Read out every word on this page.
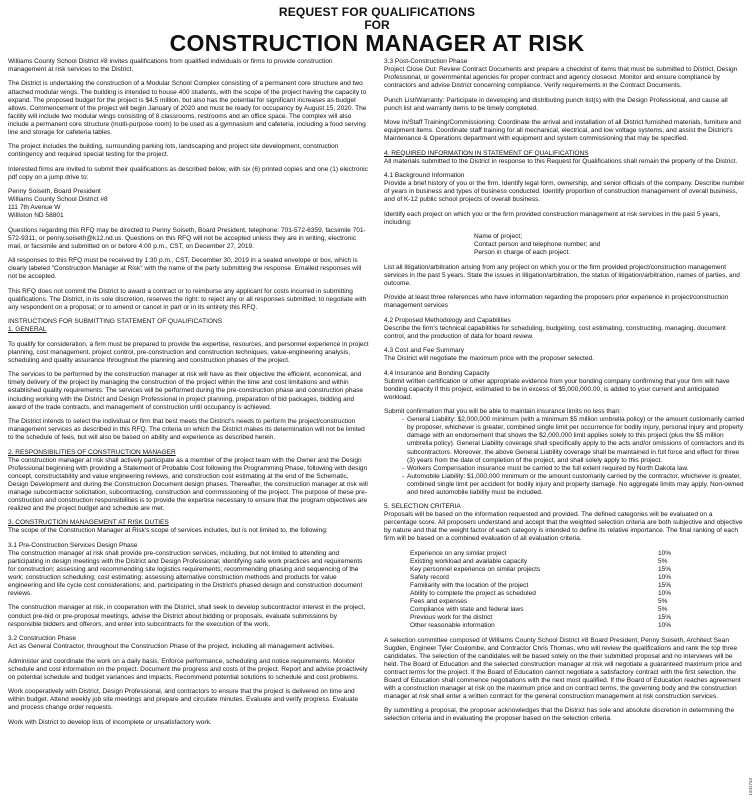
REQUEST FOR QUALIFICATIONS
FOR
CONSTRUCTION MANAGER AT RISK

Williams County School District #8 invites qualifications from qualified individuals or firms to provide construction management at risk services to the District.

The District is undertaking the construction of a Modular School Complex consisting of a permanent core structure and two attached modular wings. The building is intended to house 400 students, with the scope of the project having the capacity to expand. The proposed budget for the project is $4.5 million, but also has the potential for significant increases as budget allows. Commencement of the project will begin January of 2020 and must be ready for occupancy by August 15, 2020. The facility will include two modular wings consisting of 8 classrooms, restrooms and an office space. The complex will also include a permanent core structure (multi-purpose room) to be used as a gymnasium and cafeteria, including a food serving line and storage for cafeteria tables.

The project includes the building, surrounding parking lots, landscaping and project site development, construction contingency and required special testing for the project.

Interested firms are invited to submit their qualifications as described below, with six (6) printed copies and one (1) electronic pdf copy on a jump drive to:

Penny Soiseth, Board President
Williams County School District #8
111 7th Avenue W
Williston ND 58801

Questions regarding this RFQ may be directed to Penny Soiseth, Board President, telephone: 701-572-6359, facsimile 701-572-9311, or penny.soiseth@k12.nd.us. Questions on this RFQ will not be accepted unless they are in writing, electronic mail, or facsimile and submitted on or before 4:00 p.m., CST, on December 27, 2019.

All responses to this RFQ must be received by 1:30 p.m., CST, December 30, 2019 in a sealed envelope or box, which is clearly labeled "Construction Manager at Risk" with the name of the party submitting the response. Emailed responses will not be accepted.

This RFQ does not commit the District to award a contract or to reimburse any applicant for costs incurred in submitting qualifications. The District, in its sole discretion, reserves the right: to reject any or all responses submitted; to negotiate with any respondent on a proposal; or to amend or cancel in part or in its entirety this RFQ.

INSTRUCTIONS FOR SUBMITTING STATEMENT OF QUALIFICATIONS

1. GENERAL

To qualify for consideration, a firm must be prepared to provide the expertise, resources, and personnel experience in project planning, cost management, project control, pre-construction and construction techniques, value-engineering analysis, scheduling and quality assurance throughout the planning and construction phases of the project.

The services to be performed by the construction manager at risk will have as their objective the efficient, economical, and timely delivery of the project by managing the construction of the project within the time and cost limitations and within established quality requirements. The services will be performed during the pre-construction phase and construction phase including working with the District and Design Professional in project planning, preparation of bid packages, bidding and award of the trade contracts, and management of construction until occupancy is achieved.

The District intends to select the individual or firm that best meets the District's needs to perform the project/construction management services as described in this RFQ. The criteria on which the District makes its determination will not be limited to the schedule of fees, but will also be based on ability and experience as described herein.

2. RESPONSIBILITIES OF CONSTRUCTION MANAGER

The construction manager at risk shall actively participate as a member of the project team with the Owner and the Design Professional beginning with providing a Statement of Probable Cost following the Programming Phase, following with design concept, constructability and value engineering reviews, and construction cost estimating at the end of the Schematic, Design Development and during the Construction Document design phases. Thereafter, the construction manager at risk will manage subcontractor solicitation, subcontracting, construction and commissioning of the project. The purpose of these pre-construction and construction responsibilities is to provide the expertise necessary to ensure that the program objectives are realized and the project budget and schedule are met.

3. CONSTRUCTION MANAGEMENT AT RISK DUTIES

The scope of the Construction Manager at Risk's scope of services includes, but is not limited to, the following:

3.1 Pre-Construction Services Design Phase

The construction manager at risk shall provide pre-construction services, including, but not limited to attending and participating in design meetings with the District and Design Professional; identifying safe work practices and requirements for construction; assessing and recommending site logistics requirements; recommending phasing and sequencing of the work; construction scheduling; cost estimating; assessing alternative construction methods and products for value engineering and life cycle cost considerations; and, participating in the District's phased design and construction document reviews.

The construction manager at risk, in cooperation with the District, shall seek to develop subcontractor interest in the project, conduct pre-bid or pre-proposal meetings, advise the District about bidding or proposals, evaluate submissions by responsible bidders and offerors, and enter into subcontracts for the execution of the work.

3.2 Construction Phase

Act as General Contractor, throughout the Construction Phase of the project, including all management activities.

Administer and coordinate the work on a daily basis. Enforce performance, scheduling and notice requirements. Monitor schedule and cost information on the project. Document the progress and costs of the project. Report and advise proactively on potential schedule and budget variances and impacts. Recommend potential solutions to schedule and cost problems.

Work cooperatively with District, Design Professional, and contractors to ensure that the project is delivered on time and within budget. Attend weekly job site meetings and prepare and circulate minutes. Evaluate and verify progress. Evaluate and process change order requests.

Work with District to develop lists of incomplete or unsatisfactory work.

3.3 Post-Construction Phase

Project Close Out: Review Contract Documents and prepare a checklist of items that must be submitted to District, Design Professional, or governmental agencies for proper contract and agency closeout. Monitor and ensure compliance by contractors and advise District concerning compliance. Verify requirements in the Contract Documents.

Punch List/Warranty: Participate in developing and distributing punch list(s) with the Design Professional, and cause all punch list and warranty items to be timely completed.

Move In/Staff Training/Commissioning: Coordinate the arrival and installation of all District furnished materials, furniture and equipment items. Coordinate staff training for all mechanical, electrical, and low voltage systems, and assist the District's Maintenance & Operations department with equipment and system commissioning that may be specified.

4. REQUIRED INFORMATION IN STATEMENT OF QUALIFICATIONS

All materials submitted to the District in response to this Request for Qualifications shall remain the property of the District.

4.1 Background Information

Provide a brief history of you or the firm. Identify legal form, ownership, and senior officials of the company. Describe number of years in business and types of business conducted. Identify proportion of construction management of overall business, and of K-12 public school projects of overall business.

Identify each project on which you or the firm provided construction management at risk services in the past 5 years, including:

Name of project;
Contact person and telephone number; and
Person in charge of each project.

List all litigation/arbitration arising from any project on which you or the firm provided project/construction management services in the past 5 years. State the issues in litigation/arbitration, the status of litigation/arbitration, names of parties, and outcome.

Provide at least three references who have information regarding the proposers prior experience in project/construction management services

4.2 Proposed Methodology and Capabilities

Describe the firm's technical capabilities for scheduling, budgeting, cost estimating, constructing, managing, document control, and the production of data for board review.

4.3 Cost and Fee Summary

The District will negotiate the maximum price with the proposer selected.

4.4 Insurance and Bonding Capacity

Submit written certification or other appropriate evidence from your bonding company confirming that your firm will have bonding capacity if this project, estimated to be in excess of $5,000,000.00, is added to your current and anticipated workload.

Submit confirmation that you will be able to maintain insurance limits no less than:

- General Liability: $2,000,000 minimum (with a minimum $5 million umbrella policy) or the amount customarily carried by proposer, whichever is greater, combined single limit per occurrence for bodily injury, personal injury and property damage with an endorsement that shows the $2,000,000 limit applies solely to this project (plus the $5 million umbrella policy). General Liability coverage shall specifically apply to the acts and/or omissions of contractors and its subcontractors. Moreover, the above General Liability coverage shall be maintained in full force and effect for three (3) years from the date of completion of the project, and shall solely apply to this project.
- Workers Compensation insurance must be carried to the full extent required by North Dakota law.
- Automobile Liability: $1,000,000 minimum or the amount customarily carried by the contractor, whichever is greater, combined single limit per accident for bodily injury and property damage. No aggregate limits may apply. Non-owned and hired automobile liability must be included.

5. SELECTION CRITERIA

Proposals will be based on the information requested and provided. The defined categories will be evaluated on a percentage score. All proposers understand and accept that the weighted selection criteria are both subjective and objective by nature and that the weight factor of each category is intended to define its relative importance. The final ranking of each firm will be based on a combined evaluation of all evaluation criteria.

Experience on any similar project	10%
Existing workload and available capacity	5%
Key personnel experience on similar projects	15%
Safety record	10%
Familiarity with the location of the project	15%
Ability to complete the project as scheduled	10%
Fees and expenses	5%
Compliance with state and federal laws	5%
Previous work for the district	15%
Other reasonable information	10%

A selection committee composed of Williams County School District #8 Board President, Penny Soiseth, Architect Sean Sugden, Engineer Tyler Coulombe, and Contractor Chris Thomas, who will review the qualifications and rank the top three candidates. The selection of the candidates will be based solely on the their submitted proposal and no interviews will be held. The Board of Education and the selected construction manager at risk will negotiate a guaranteed maximum price and contract terms for the project. If the Board of Education cannot negotiate a satisfactory contract with the first selection, the Board of Education shall commence negotiations with the next most qualified. If the Board of Education reaches agreement with a construction manager at risk on the maximum price and on contract terms, the governing body and the construction manager at risk shall enter a written contract for the general construction management at risk construction services.

By submitting a proposal, the proposer acknowledges that the District has sole and absolute discretion in determining the selection criteria and in evaluating the proposer based on the selection criteria.

1941743
